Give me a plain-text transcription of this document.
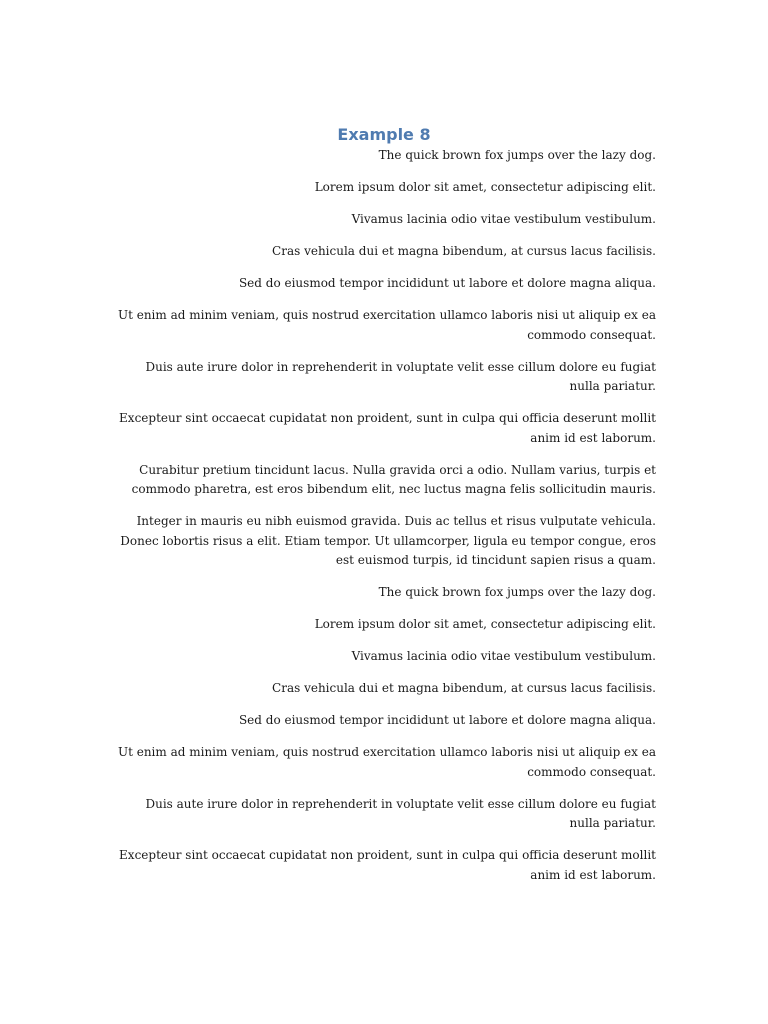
Example 8

The quick brown fox jumps over the lazy dog.

Lorem ipsum dolor sit amet, consectetur adipiscing elit.

Vivamus lacinia odio vitae vestibulum vestibulum.

Cras vehicula dui et magna bibendum, at cursus lacus facilisis.

Sed do eiusmod tempor incididunt ut labore et dolore magna aliqua.

Ut enim ad minim veniam, quis nostrud exercitation ullamco laboris nisi ut aliquip ex ea commodo consequat.

Duis aute irure dolor in reprehenderit in voluptate velit esse cillum dolore eu fugiat nulla pariatur.

Excepteur sint occaecat cupidatat non proident, sunt in culpa qui officia deserunt mollit anim id est laborum.

Curabitur pretium tincidunt lacus. Nulla gravida orci a odio. Nullam varius, turpis et commodo pharetra, est eros bibendum elit, nec luctus magna felis sollicitudin mauris.

Integer in mauris eu nibh euismod gravida. Duis ac tellus et risus vulputate vehicula. Donec lobortis risus a elit. Etiam tempor. Ut ullamcorper, ligula eu tempor congue, eros est euismod turpis, id tincidunt sapien risus a quam.

The quick brown fox jumps over the lazy dog.

Lorem ipsum dolor sit amet, consectetur adipiscing elit.

Vivamus lacinia odio vitae vestibulum vestibulum.

Cras vehicula dui et magna bibendum, at cursus lacus facilisis.

Sed do eiusmod tempor incididunt ut labore et dolore magna aliqua.

Ut enim ad minim veniam, quis nostrud exercitation ullamco laboris nisi ut aliquip ex ea commodo consequat.

Duis aute irure dolor in reprehenderit in voluptate velit esse cillum dolore eu fugiat nulla pariatur.

Excepteur sint occaecat cupidatat non proident, sunt in culpa qui officia deserunt mollit anim id est laborum.
